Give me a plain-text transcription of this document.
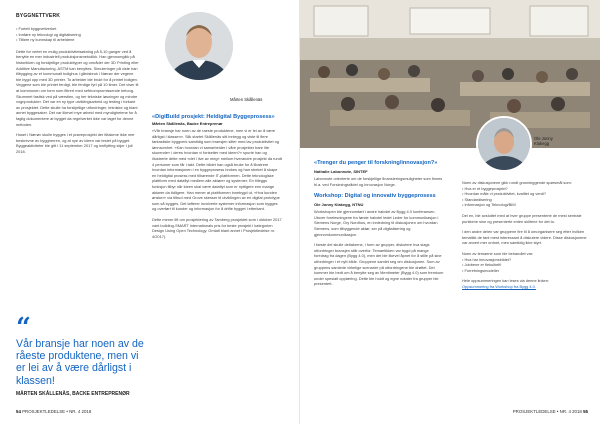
BYGGNETTVERK
• Fortett byggnettverket
• Innføre ny teknologi og digitalisering
• Tilføre ny kunnskap til arbeidene

Dette for vertet en mulig produktivitetsøkning på 5-10 ganger ved å benytte en mer industriell produksjonsmetodikk. Han gjennomgikk på historikken og forskjellige produkttyper og områder der 3D Printing eller Additive Manufacturing. ASTM kan benyttes. Simuleringer på viste han tilbygging av et kommunalt bolighus i gårdsbruk i Nærøv der vegene ble bygd opp med 3D printer. To arbeider ble brukt for å printet boligen. Veggene som ble printet ferdigt, ble ferdige fyrt på 10 timer. Det viser til at kommunen om form som filtrert med sefrkompromissende betong. Skummet fastisk ved på værstien, og her tekniske løsninger og mindre vognprodukter. Det var en ny type utviklingsarbeid og testing i forkant av prosjektet. Dette skulle ha forskjellige utfordringer, tekniske og blant annet byggesaker. Det var likevel mye arbeid med myndighetene for å faglig dokumentere at bygget da regelverket ikke var laget for denne metoden.

Huset i Nærøv skulle bygges i et prøveprosjekt der tiltakene ikke mer beskrevne av byggherren, og at nye av ideen var testet på bygget. Byggeaktiviteter ble gitt i 11 september 2017 og innflytting skjer i juli 2018.

Mårten Skållenäs

«DigiBuild prosjekt: Heldigital Byggeprosess»

Mårten Skållenäs, Backe Entreprenør

«Vår bransje har noen av de raeste produktene, men vi er lei av å være dårligst i klassen». Slik startet Skållenäs sitt innlegg og viste til flere fantastiske byggverk samtidig som bransjen sliter med lav produktivitet og lønnsomhet. «Kan hvordan vi samarbeider i våre prosjekter bare lite skurende» i deres hvordan vi fortsetter med ideen?» spurte han og illustrerte dette med «det i live av meg» mellom hverandre prosjekt da rundt 4 personer som får i takt. Dette bildet han også bruke for å illustrere hvordan informasjonen i en byggeprosess brukes og han streket å skape en heldigital prosess med tilhørende IT-plattformen. Dette teknologiske plattform med dataflyt medlem alle aktører og systemer. En tilleggs funksjon tilbyr når ideen skal være dataflyt som er nyttigere enn mange aktører da tidligere. Han mener at plattformen innebygd ut, «Hva kunden ønsker» via tilbud med Grove skesser til utviklingen av en digital prototype som så bygges. Det løfterer involverte systemer informasjon som bygges og overført til kunder og informasjon for å drifte bygget i etterkant.

Dette mener lift om prosjektering av Tamberg prosjektet som i oktober 2017 vant building-SMART Internationals pris for beste prosjekt i kategorien Design Using Open Technology. Omtalt blant annet i Prosjektledelse nr. 4/2017).

“

Vår bransje har noen av de råeste produktene, men vi er lei av å være dårligst i klassen!

MÅRTEN SKÅLLENÄS, BACKE ENTREPRENØR
54 PROSJEKTLEDELSE • NR. 4 2018

«Trenger du penger til forskning/innovasjon?»

Nathalie Labonnote, SINTEF

Labonnote orienterte om de forskjellige finansieringsmuligheter som finnes bl.a. ved Forskningsrådet og Innovasjon Norge.

Workshop: Digital og innovativ byggeprosess

Ole Jonny Klakegg, NTNU

Workshopen ble gjennomført i andre halvdel av Bygg 4.0 konferansen. Utover forelesningene fra første halvdel ledet Leder for kommunikasjon i Siemens Norge, Gry Nordhus, en innledning til diskusjonen om hvordan Siemens, som tilbyggende aktør, ser på digitalisering og gjennomkommunikasjon.

I første del skulle deltakerne, i form av grupper, diskutere hva slags utfordringer bransjen står overfor. Temaetikken var bygd på mange foredrag fra dagen (Bygg 4.0), men det ble likevel åpnet for å stille på sine utfordringer i et nytt bilde. Gruppene samlet seg om diskusjonen. Sum av gruppens samlede virkelige scenarier på utfordringene ble drøftet. Det kommer ble bedt om å benytte seg av Mentimeter (Bygg 4.0) som fremkom under spesialt opplæring. Dette ble holdt og egne notater fra grupper ble presentert.

Ole Jonny
Klakegg

Noen av diskusjonene gikk rundt grunnleggende spørsmål som:

• Hva er et byggeprosjekt?
• Hvordan måle vi produktivitet, kvalitet og verdi?
• Standardisering
• Informasjon og Teknologi/BIM

Del en, ble avsluttet med at hver gruppe presenterte de mest sentrale punktene sine og presenterte enten skiltene for det to.

I den andre delen var gruppene fire til å omorganisere seg etter hvilken tematikk de fant mest interessant å diskutere videre. Disse diskusjonene var anvert mer ordnet, men samtidig ikke styrt.

Noen av temaene som ble behandlet var:

• Hva har innovasjonsbildet?
• Jobbene er flekulbelt!
• Forretningsmodeller

Hele oppsummeringen kan leses via denne linken:

Oppsummering fra Workshop fra Bygg 4.0.

PROSJEKTLEDELSE • NR. 4 2018 55
